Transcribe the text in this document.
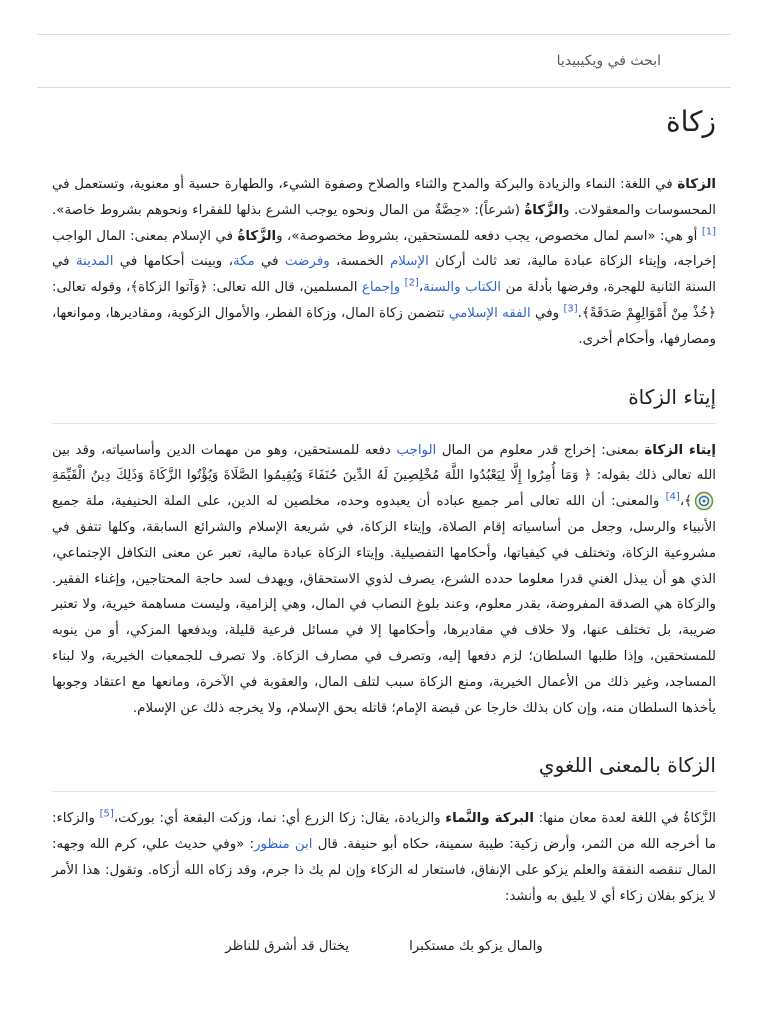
ابحث في ويكيبيديا
زكاة

الزكاة في اللغة: النماء والزيادة والبركة والمدح والثناء والصلاح وصفوة الشيء، والطهارة حسية أو معنوية، وتستعمل في المحسوسات والمعقولات. والزَّكاةُ (شرعاً): «حِصَّةٌ من المال ونحوه يوجب الشرع بذلها للفقراء ونحوهم بشروط خاصة».[1] أو هي: «اسم لمال مخصوص، يجب دفعه للمستحقين، بشروط مخصوصة»، والزَّكاةُ في الإسلام بمعنى: المال الواجب إخراجه، وإيتاء الزكاة عبادة مالية، تعد ثالث أركان الإسلام الخمسة، وفرضت في مكة، وبينت أحكامها في المدينة في السنة الثانية للهجرة، وفرضها بأدلة من الكتاب والسنة،[2] وإجماع المسلمين، قال الله تعالى: ﴿وَآتوا الزكاة﴾، وقوله تعالى: ﴿خُذْ مِنْ أَمْوَالِهِمْ صَدَقَةً﴾.[3] وفي الفقه الإسلامي تتضمن زكاة المال، وزكاة الفطر، والأموال الزكوية، ومقاديرها، وموانعها، ومصارفها، وأحكام أخرى.

إيتاء الزكاة

إيتاء الزكاة بمعنى: إخراج قدر معلوم من المال الواجب دفعه للمستحقين، وهو من مهمات الدين وأساسياته، وقد بين الله تعالى ذلك بقوله: ﴿ وَمَا أُمِرُوا إِلَّا لِيَعْبُدُوا اللَّهَ مُخْلِصِينَ لَهُ الدِّينَ حُنَفَاءَ وَيُقِيمُوا الصَّلَاةَ وَيُؤْتُوا الزَّكَاةَ وَذَلِكَ دِينُ الْقَيِّمَةِ ﴾،[4] والمعنى: أن الله تعالى أمر جميع عباده أن يعبدوه وحده، مخلصين له الدين، على الملة الحنيفية، ملة جميع الأنبياء والرسل، وجعل من أساسياته إقام الصلاة، وإيتاء الزكاة، في شريعة الإسلام والشرائع السابقة، وكلها تتفق في مشروعية الزكاة، وتختلف في كيفياتها، وأحكامها التفصيلية. وإيتاء الزكاة عبادة مالية، تعبر عن معنى التكافل الإجتماعي، الذي هو أن يبذل الغني قدرا معلوما حدده الشرع، يصرف لذوي الاستحقاق، ويهدف لسد حاجة المحتاجين، وإغناء الفقير. والزكاة هي الصدقة المفروضة، بقدر معلوم، وعند بلوغ النصاب في المال، وهي إلزامية، وليست مساهمة خيرية، ولا تعتبر ضريبة، بل تختلف عنها، ولا خلاف في مقاديرها، وأحكامها إلا في مسائل فرعية قليلة، ويدفعها المزكي، أو من ينوبه للمستحقين، وإذا طلبها السلطان؛ لزم دفعها إليه، وتصرف في مصارف الزكاة. ولا تصرف للجمعيات الخيرية، ولا لبناء المساجد، وغير ذلك من الأعمال الخيرية، ومنع الزكاة سبب لتلف المال، والعقوبة في الآخرة، ومانعها مع اعتقاد وجوبها يأخذها السلطان منه، وإن كان بذلك خارجا عن قبضة الإمام؛ قاتله بحق الإسلام، ولا يخرجه ذلك عن الإسلام.

الزكاة بالمعنى اللغوي

الزَّكاةُ في اللغة لعدة معان منها: البركة والنَّماء والزيادة، يقال: زكا الزرع أي: نما، وزكت البقعة أي: بوركت،[5] والزكاء: ما أخرجه الله من الثمر، وأرض زكية: طيبة سمينة، حكاه أبو حنيفة. قال ابن منظور: «وفي حديث علي، كرم الله وجهه: المال تنقصه النفقة والعلم يزكو على الإنفاق، فاستعار له الزكاء وإن لم يك ذا جرم، وقد زكاه الله أزكاه. وتقول: هذا الأمر لا يزكو بفلان زكاء أي لا يليق به وأنشد:

والمال يزكو بك مستكبرا
يختال قد أشرق للناظر
